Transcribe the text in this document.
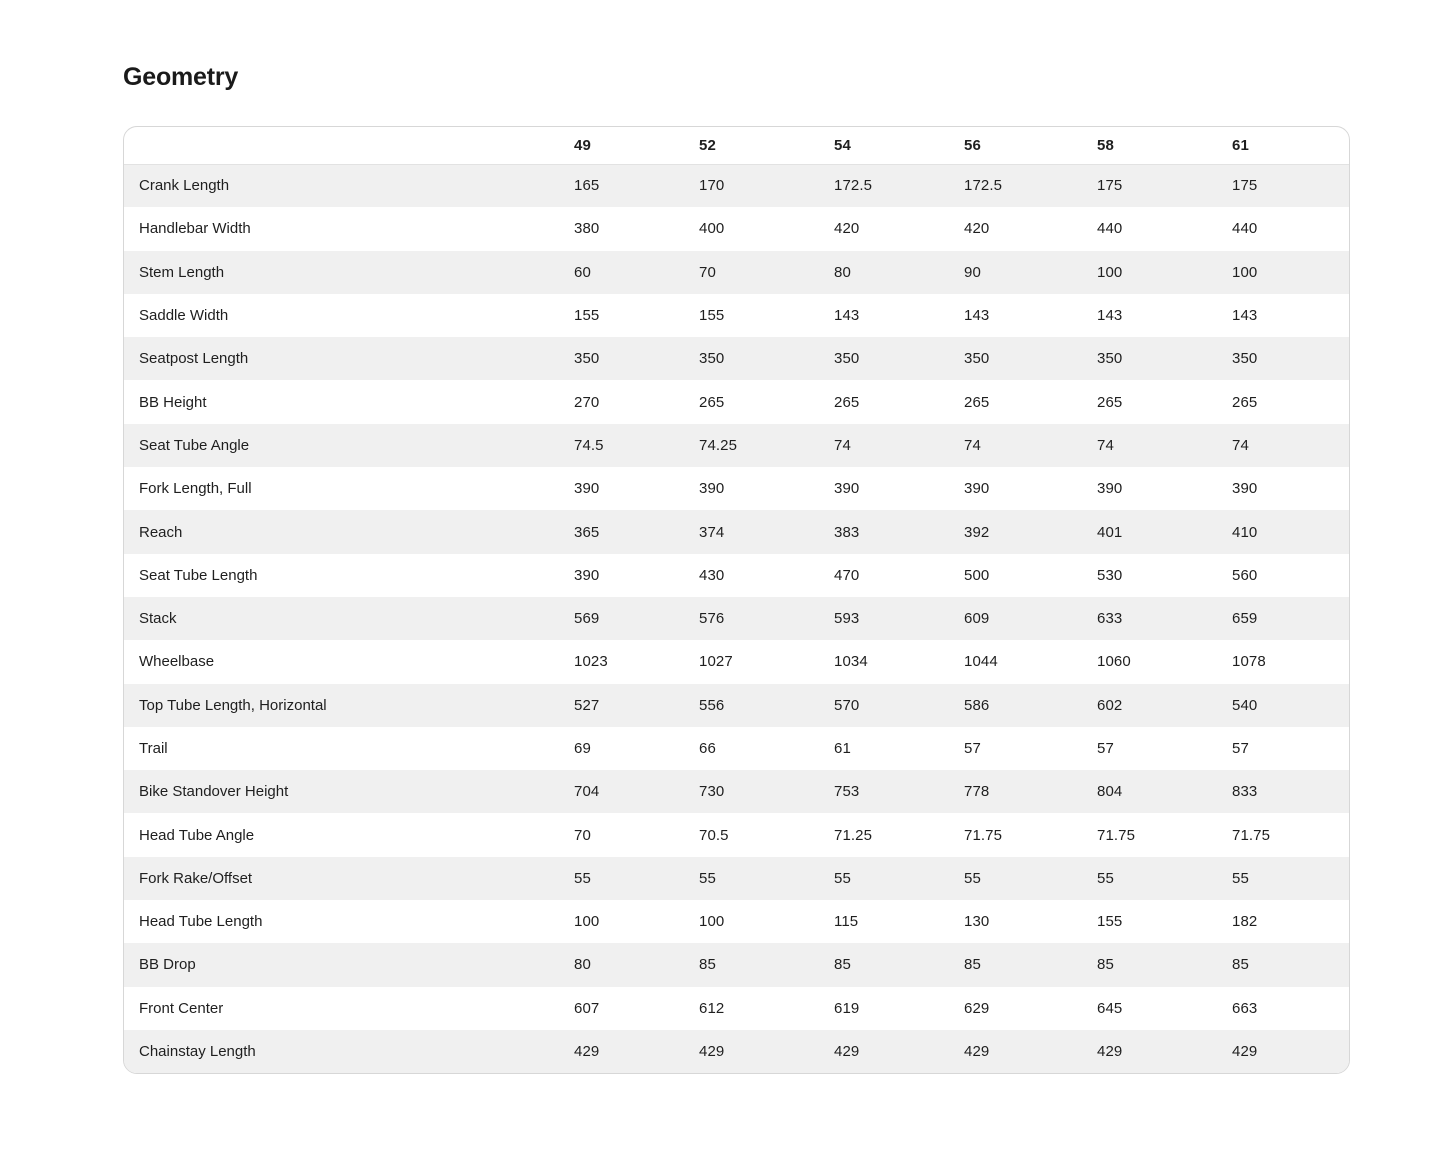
Geometry
	49	52	54	56	58	61
Crank Length	165	170	172.5	172.5	175	175
Handlebar Width	380	400	420	420	440	440
Stem Length	60	70	80	90	100	100
Saddle Width	155	155	143	143	143	143
Seatpost Length	350	350	350	350	350	350
BB Height	270	265	265	265	265	265
Seat Tube Angle	74.5	74.25	74	74	74	74
Fork Length, Full	390	390	390	390	390	390
Reach	365	374	383	392	401	410
Seat Tube Length	390	430	470	500	530	560
Stack	569	576	593	609	633	659
Wheelbase	1023	1027	1034	1044	1060	1078
Top Tube Length, Horizontal	527	556	570	586	602	540
Trail	69	66	61	57	57	57
Bike Standover Height	704	730	753	778	804	833
Head Tube Angle	70	70.5	71.25	71.75	71.75	71.75
Fork Rake/Offset	55	55	55	55	55	55
Head Tube Length	100	100	115	130	155	182
BB Drop	80	85	85	85	85	85
Front Center	607	612	619	629	645	663
Chainstay Length	429	429	429	429	429	429
